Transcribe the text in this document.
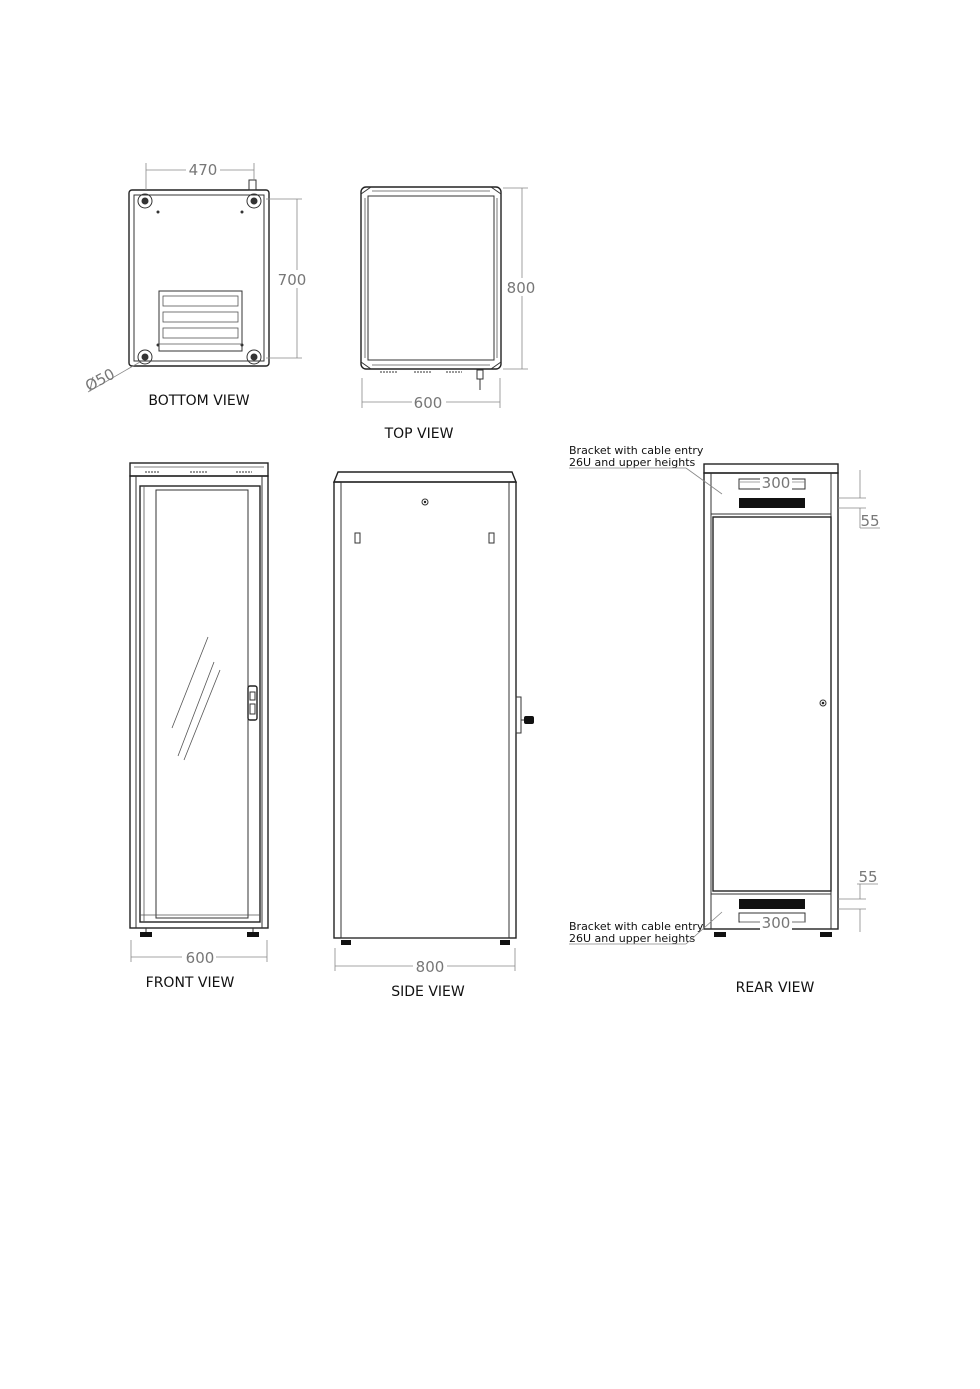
470
700
Ø50
BOTTOM VIEW
800
600
TOP VIEW
600
FRONT VIEW
800
SIDE VIEW
300
55
55
300
Bracket with cable entry
26U and upper heights
Bracket with cable entry
26U and upper heights
REAR VIEW
